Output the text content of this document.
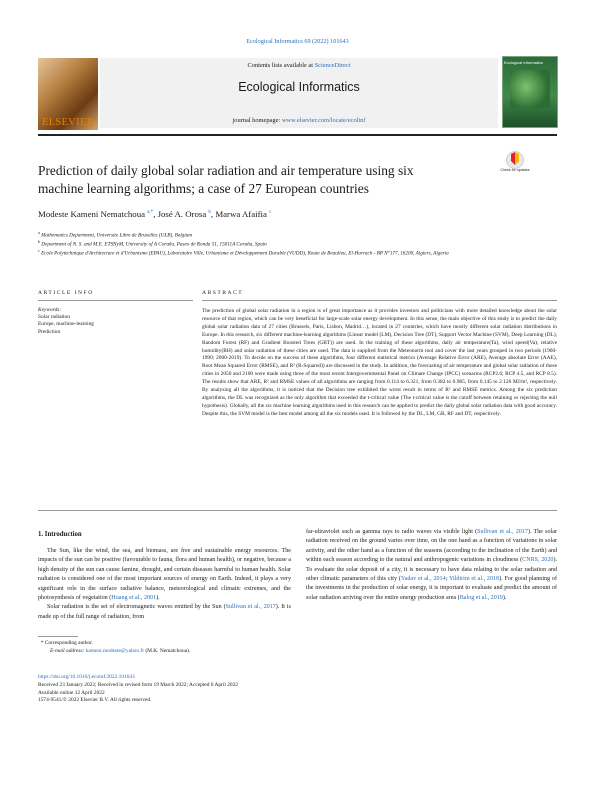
Ecological Informatics 69 (2022) 101643
ELSEVIER
Contents lists available at ScienceDirect
Ecological Informatics
journal homepage: www.elsevier.com/locate/ecolinf
Ecological Informatics
Prediction of daily global solar radiation and air temperature using six
machine learning algorithms; a case of 27 European countries
Check for updates
Modeste Kameni Nematchoua $^{a,*}$, José A. Orosa $^b$, Marwa Afaifia $^c$
$^a$ Mathematics Department, Universite Libre de Bruxelles (ULB), Belgium
$^b$ Department of N. S. and M.E. ETSNyM, University of A Coruña, Paseo de Ronda 51, 15011A Coruña, Spain
$^c$ Ecole Polytechnique d'Architecture et d'Urbanisme (EPAU), Laboratoire Ville, Urbanisme et Développement Durable (VUDD), Route de Beaulieu, El-Harrach - BP N°177, 16200, Algiers, Algeria
ARTICLE INFO	ABSTRACT
Keywords:
Solar radiation
Europe, machine-learning
Prediction
The prediction of global solar radiation in a region is of great importance as it provides investors and politicians with more detailed knowledge about the solar resource of that region, which can be very beneficial for large-scale solar energy development. In this sense, the main objective of this study is to predict the daily global solar radiation data of 27 cities (Brussels, Paris, Lisbon, Madrid…), located in 27 countries, which have mostly different solar radiation distributions in Europe. In this research, six different machine-learning algorithms (Linear model (LM), Decision Tree (DT), Support Vector Machine (SVM), Deep Learning (DL), Random Forest (RF) and Gradient Boosted Trees (GBT)) are used. In the training of these algorithms, daily air temperature(Ta), wind speed(Va), relative humidity(RH) and solar radiation of these cities are used. The data is supplied from the Meteonorm tool and cover the last years grouped in two periods (1960-1990; 2000-2019). To decide on the success of these algorithms, four different statistical metrics (Average Relative Error (ARE), Average absolute Error (AAE), Root Mean Squared Error (RMSE), and R² (R-Squared)) are discussed in the study. In addition, the forecasting of air temperature and global solar radiation of these cities in 2050 and 2100 were made using three of the most recent Intergovernmental Panel on Climate Change (IPCC) scenarios (RCP2.6; RCP 4.5, and RCP 8.5). The results show that ARE, R² and RMSE values of all algorithms are ranging from 0.114 to 6.321, from 0.382 to 0.985, from 0.145 to 2.126 MJ/m², respectively. By analysing all the algorithms, it is noticed that the Decision tree exhibited the worst result in terms of R² and RMSE metrics. Among the six prediction algorithms, the DL was recognized as the only algorithm that exceeded the t-critical value (The t-critical value is the cutoff between retaining or rejecting the null hypothesis). Globally, all the six machine learning algorithms used in this research can be applied to predict the daily global solar radiation data with good accuracy. Despite this, the SVM model is the best model among all the six models used. It is followed by the DL, LM, GB, RF and DT, respectively.
1. Introduction

The Sun, like the wind, the sea, and biomass, are free and sustainable energy resources. The impacts of the sun can be positive (favourable to fauna, flora and human health), or negative, because a high density of the sun can cause famine, drought, and certain diseases harmful to human health. Solar radiation is considered one of the most important sources of energy on Earth. Indeed, it plays a very significant role in the surface radiative balance, meteorological and climatic extremes, and the photosynthesis of vegetation (Huang et al., 2001).

Solar radiation is the set of electromagnetic waves emitted by the Sun (Sullivan et al., 2017). It is made up of the full range of radiation, from

far-ultraviolet such as gamma rays to radio waves via visible light (Sullivan et al., 2017). The solar radiation received on the ground varies over time, on the one hand as a function of variations in solar activity, and the other hand as a function of the seasons (according to the inclination of the Earth) and within each season according to the natural and anthropogenic variations in cloudiness (CNRS, 2020). To evaluate the solar deposit of a city, it is necessary to have data relating to the solar radiation and other climatic parameters of this city (Yadav et al., 2014; Yildirim et al., 2018). For good planning of the investments in the production of solar energy, it is important to evaluate and predict the amount of solar radiation arriving over the entire energy production area (Balog et al., 2019).
* Corresponding author.
E-mail address: kameni.modeste@yahoo.fr (M.K. Nematchoua).
https://doi.org/10.1016/j.ecoinf.2022.101643
Received 23 January 2022; Received in revised form 19 March 2022; Accepted 6 April 2022
Available online 12 April 2022
1574-9541/© 2022 Elsevier B.V. All rights reserved.
